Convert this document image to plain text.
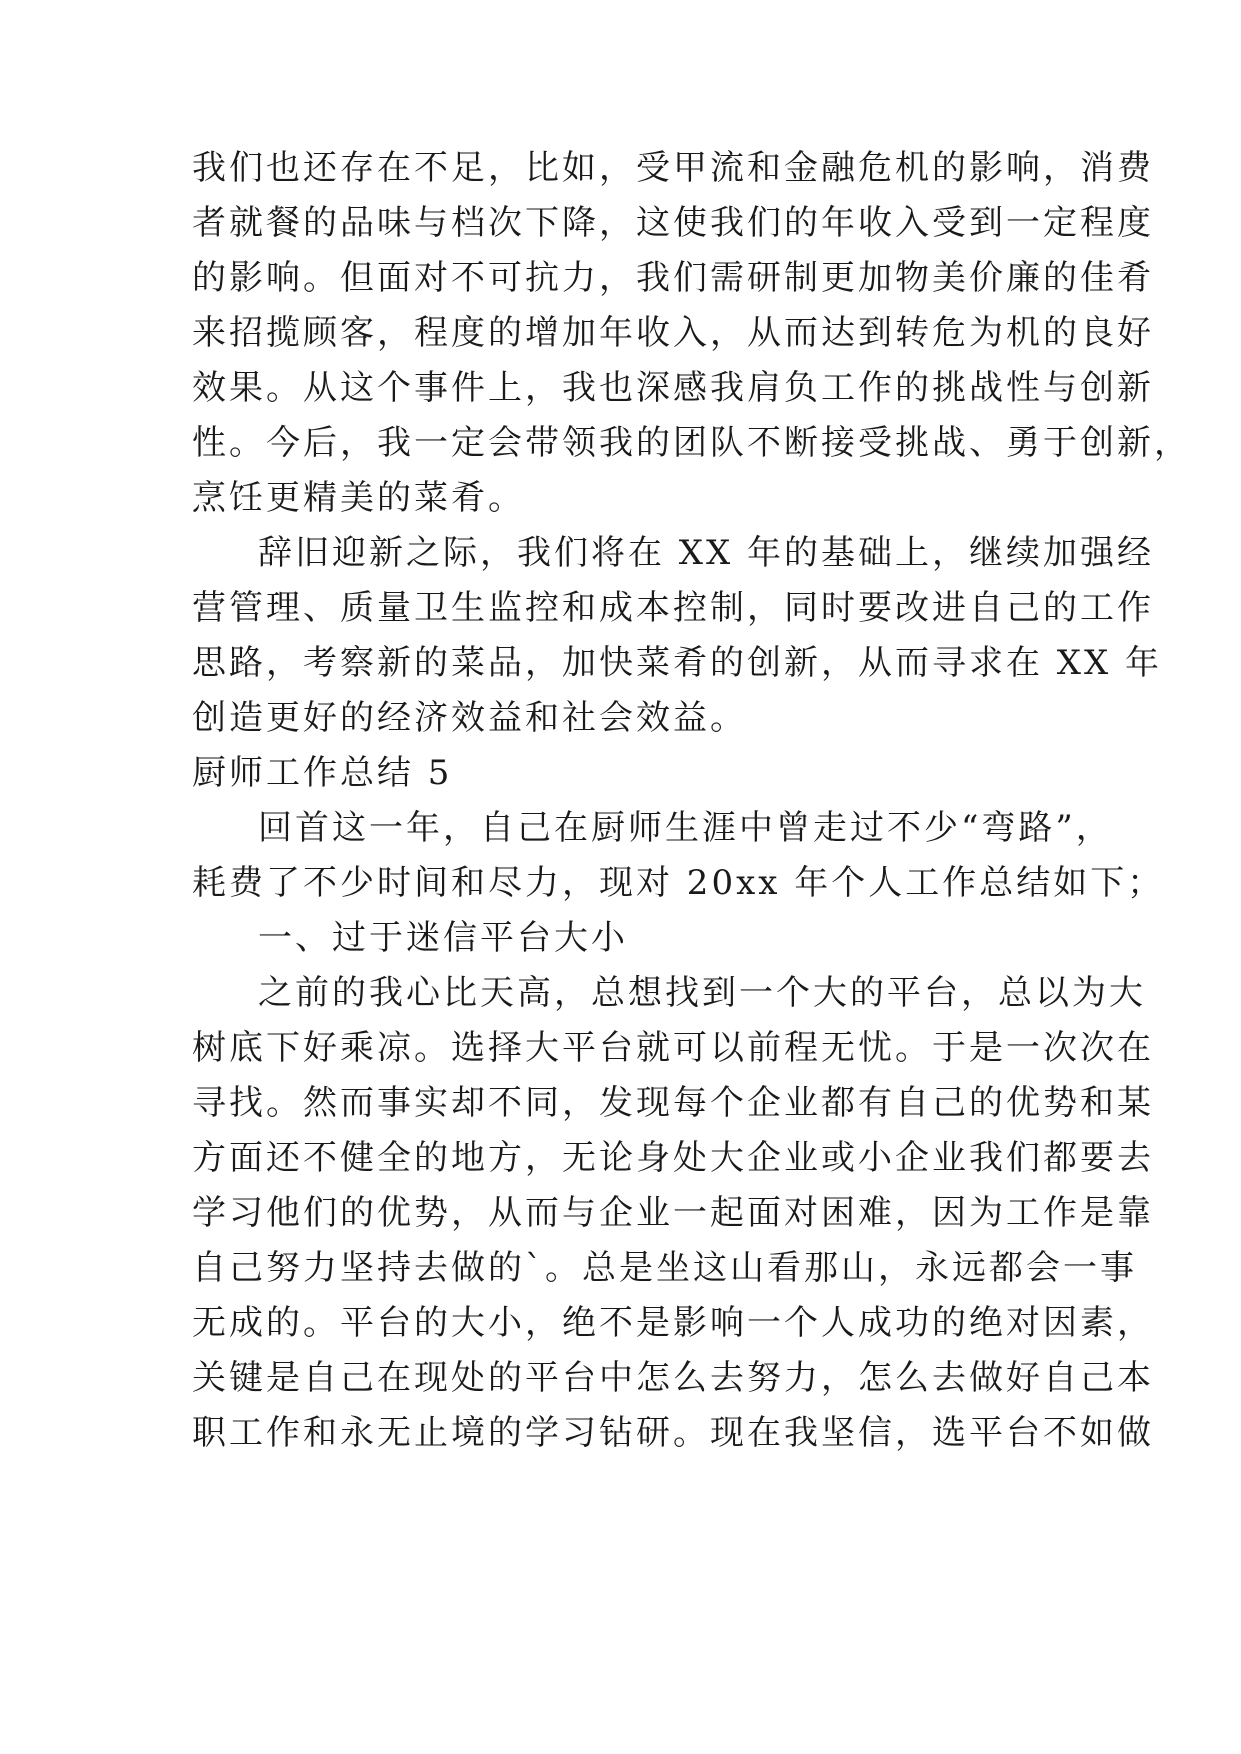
我们也还存在不足，比如，受甲流和金融危机的影响，消费
者就餐的品味与档次下降，这使我们的年收入受到一定程度
的影响。但面对不可抗力，我们需研制更加物美价廉的佳肴
来招揽顾客，程度的增加年收入，从而达到转危为机的良好
效果。从这个事件上，我也深感我肩负工作的挑战性与创新
性。今后，我一定会带领我的团队不断接受挑战、勇于创新，
烹饪更精美的菜肴。
辞旧迎新之际，我们将在 XX 年的基础上，继续加强经
营管理、质量卫生监控和成本控制，同时要改进自己的工作
思路，考察新的菜品，加快菜肴的创新，从而寻求在 XX 年
创造更好的经济效益和社会效益。
厨师工作总结 5
回首这一年，自己在厨师生涯中曾走过不少“弯路”，
耗费了不少时间和尽力，现对 20xx 年个人工作总结如下；
一、过于迷信平台大小
之前的我心比天高，总想找到一个大的平台，总以为大
树底下好乘凉。选择大平台就可以前程无忧。于是一次次在
寻找。然而事实却不同，发现每个企业都有自己的优势和某
方面还不健全的地方，无论身处大企业或小企业我们都要去
学习他们的优势，从而与企业一起面对困难，因为工作是靠
自己努力坚持去做的`。总是坐这山看那山，永远都会一事
无成的。平台的大小，绝不是影响一个人成功的绝对因素，
关键是自己在现处的平台中怎么去努力，怎么去做好自己本
职工作和永无止境的学习钻研。现在我坚信，选平台不如做
